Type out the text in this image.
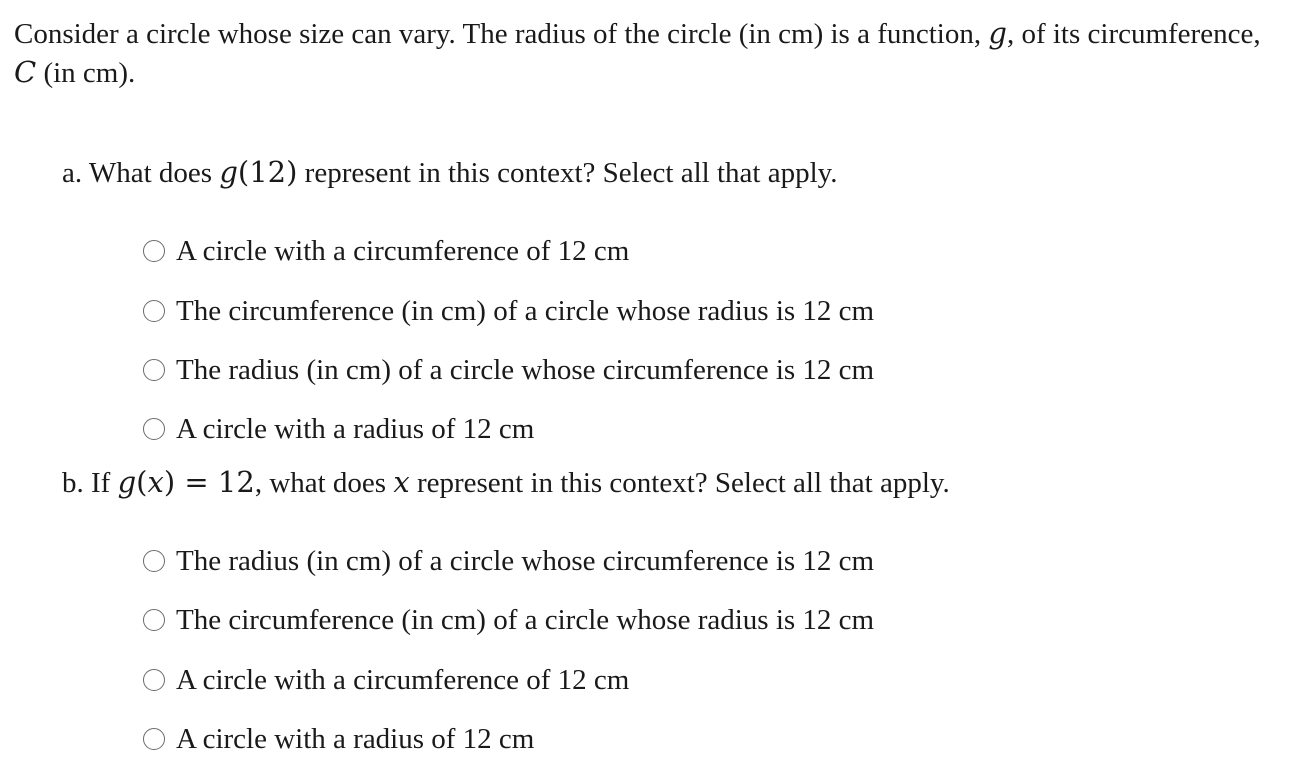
Consider a circle whose size can vary. The radius of the circle (in cm) is a function, g, of its circumference, C (in cm).
a. What does g(12) represent in this context? Select all that apply.
A circle with a circumference of 12 cm
The circumference (in cm) of a circle whose radius is 12 cm
The radius (in cm) of a circle whose circumference is 12 cm
A circle with a radius of 12 cm
b. If g(x) = 12, what does x represent in this context? Select all that apply.
The radius (in cm) of a circle whose circumference is 12 cm
The circumference (in cm) of a circle whose radius is 12 cm
A circle with a circumference of 12 cm
A circle with a radius of 12 cm
